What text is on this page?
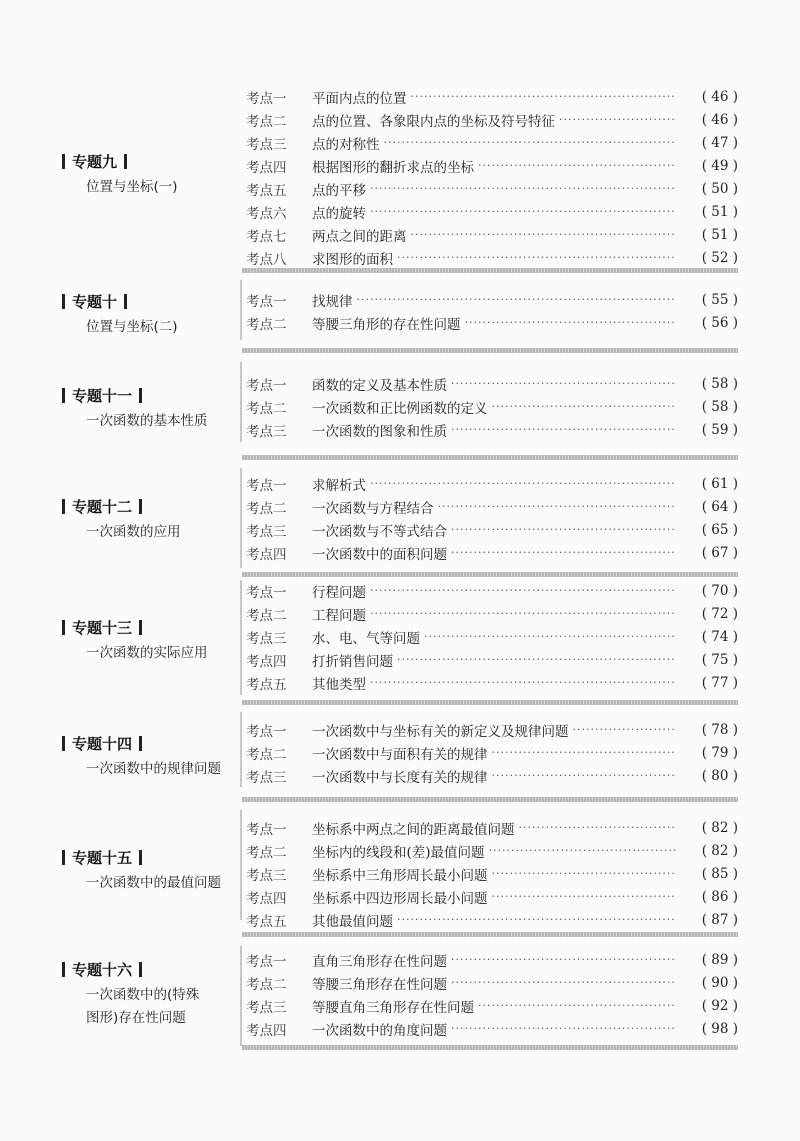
专题九
位置与坐标(一)
考点一	平面内点的位置 ·····	( 46 )
考点二	点的位置、各象限内点的坐标及符号特征 ·····	( 46 )
考点三	点的对称性 ·····	( 47 )
考点四	根据图形的翻折求点的坐标 ·····	( 49 )
考点五	点的平移 ·····	( 50 )
考点六	点的旋转 ·····	( 51 )
考点七	两点之间的距离 ·····	( 51 )
考点八	求图形的面积 ·····	( 52 )
专题十
位置与坐标(二)
考点一	找规律 ·····	( 55 )
考点二	等腰三角形的存在性问题 ·····	( 56 )
专题十一
一次函数的基本性质
考点一	函数的定义及基本性质 ·····	( 58 )
考点二	一次函数和正比例函数的定义 ·····	( 58 )
考点三	一次函数的图象和性质 ·····	( 59 )
专题十二
一次函数的应用
考点一	求解析式 ·····	( 61 )
考点二	一次函数与方程结合 ·····	( 64 )
考点三	一次函数与不等式结合 ·····	( 65 )
考点四	一次函数中的面积问题 ·····	( 67 )
专题十三
一次函数的实际应用
考点一	行程问题 ·····	( 70 )
考点二	工程问题 ·····	( 72 )
考点三	水、电、气等问题 ·····	( 74 )
考点四	打折销售问题 ·····	( 75 )
考点五	其他类型 ·····	( 77 )
专题十四
一次函数中的规律问题
考点一	一次函数中与坐标有关的新定义及规律问题 ·····	( 78 )
考点二	一次函数中与面积有关的规律 ·····	( 79 )
考点三	一次函数中与长度有关的规律 ·····	( 80 )
专题十五
一次函数中的最值问题
考点一	坐标系中两点之间的距离最值问题 ·····	( 82 )
考点二	坐标内的线段和(差)最值问题 ·····	( 82 )
考点三	坐标系中三角形周长最小问题 ·····	( 85 )
考点四	坐标系中四边形周长最小问题 ·····	( 86 )
考点五	其他最值问题 ·····	( 87 )
专题十六
一次函数中的(特殊
图形)存在性问题
考点一	直角三角形存在性问题 ·····	( 89 )
考点二	等腰三角形存在性问题 ·····	( 90 )
考点三	等腰直角三角形存在性问题 ·····	( 92 )
考点四	一次函数中的角度问题 ·····	( 98 )
